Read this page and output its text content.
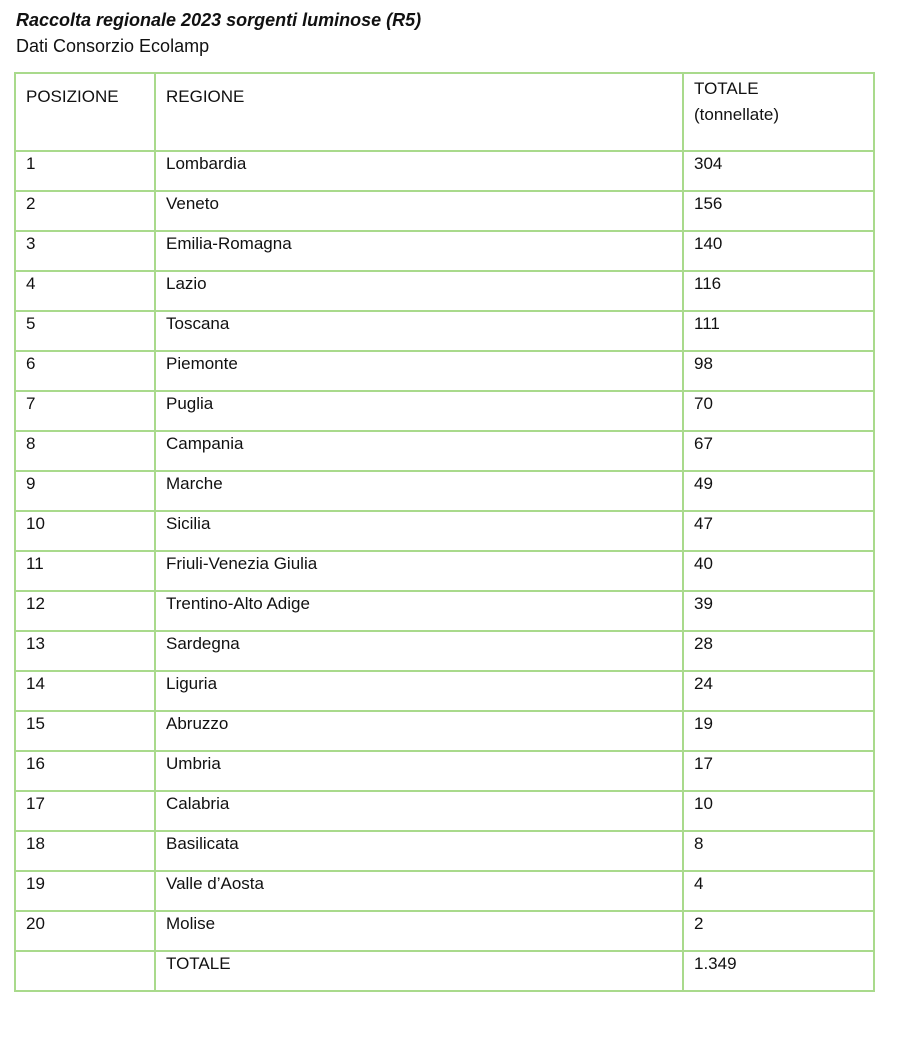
Raccolta regionale 2023 sorgenti luminose (R5)
Dati Consorzio Ecolamp
POSIZIONE	REGIONE	TOTALE
(tonnellate)

1	Lombardia	304
2	Veneto	156
3	Emilia-Romagna	140
4	Lazio	116
5	Toscana	111
6	Piemonte	98
7	Puglia	70
8	Campania	67
9	Marche	49
10	Sicilia	47
11	Friuli-Venezia Giulia	40
12	Trentino-Alto Adige	39
13	Sardegna	28
14	Liguria	24
15	Abruzzo	19
16	Umbria	17
17	Calabria	10
18	Basilicata	8
19	Valle d’Aosta	4
20	Molise	2
	TOTALE	1.349
